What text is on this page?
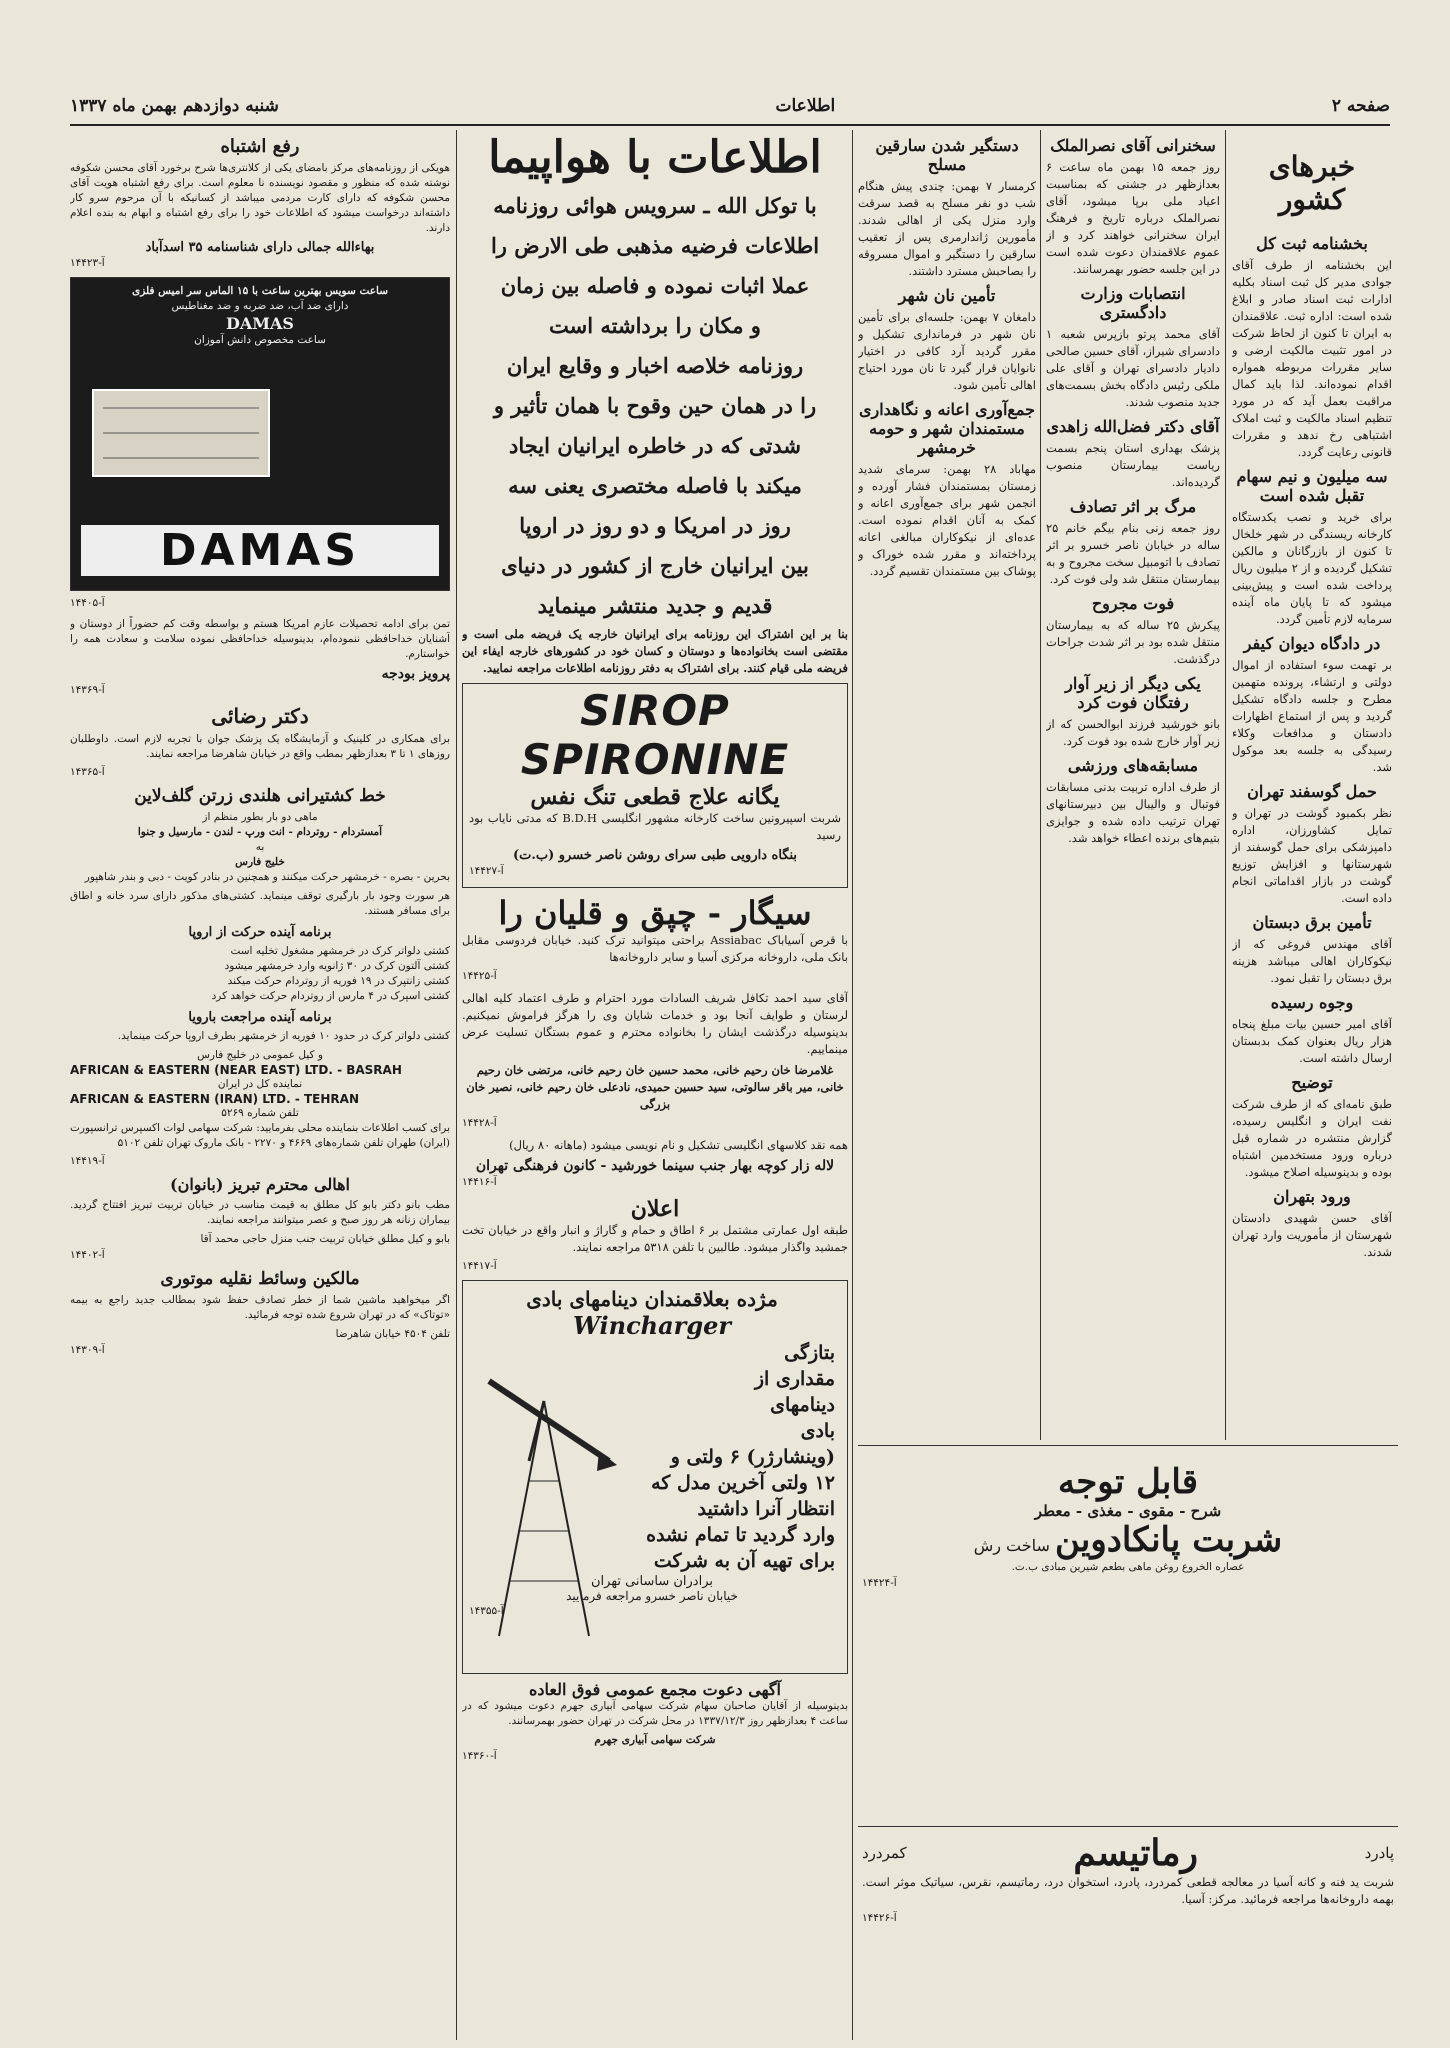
صفحه ۲
اطلاعات
شنبه دوازدهم بهمن ماه ۱۳۳۷
خبرهای کشور
بخشنامه ثبت کل

این بخشنامه از طرف آقای جوادی مدیر کل ثبت اسناد بکلیه ادارات ثبت اسناد صادر و ابلاغ شده است: اداره ثبت. علاقمندان به ایران تا کنون از لحاظ شرکت در امور تثبیت مالکیت ارضی و سایر مقررات مربوطه همواره اقدام نموده‌اند. لذا باید کمال مراقبت بعمل آید که در مورد تنظیم اسناد مالکیت و ثبت املاک اشتباهی رخ ندهد و مقررات قانونی رعایت گردد.

سه میلیون و نیم سهام تقبل شده است

برای خرید و نصب یکدستگاه کارخانه ریسندگی در شهر خلخال تا کنون از بازرگانان و مالکین تشکیل گردیده و از ۲ میلیون ریال پرداخت شده است و پیش‌بینی میشود که تا پایان ماه آینده سرمایه لازم تأمین گردد.

در دادگاه دیوان کیفر

بر تهمت سوء استفاده از اموال دولتی و ارتشاء، پرونده متهمین مطرح و جلسه دادگاه تشکیل گردید و پس از استماع اظهارات دادستان و مدافعات وکلاء رسیدگی به جلسه بعد موکول شد.

حمل گوسفند تهران

نظر بکمبود گوشت در تهران و تمایل کشاورزان، اداره دامپزشکی برای حمل گوسفند از شهرستانها و افزایش توزیع گوشت در بازار اقداماتی انجام داده است.

تأمین برق دبستان

آقای مهندس فروغی که از نیکوکاران اهالی میباشد هزینه برق دبستان را تقبل نمود.

وجوه رسیده

آقای امیر حسین بیات مبلغ پنجاه هزار ریال بعنوان کمک بدبستان ارسال داشته است.

توضیح

طبق نامه‌ای که از طرف شرکت نفت ایران و انگلیس رسیده، گزارش منتشره در شماره قبل درباره ورود مستخدمین اشتباه بوده و بدینوسیله اصلاح میشود.

ورود بتهران

آقای حسن شهیدی دادستان شهرستان از مأموریت وارد تهران شدند.

سخنرانی آقای نصرالملک

روز جمعه ۱۵ بهمن ماه ساعت ۶ بعدازظهر در جشنی که بمناسبت اعیاد ملی برپا میشود، آقای نصرالملک درباره تاریخ و فرهنگ ایران سخنرانی خواهند کرد و از عموم علاقمندان دعوت شده است در این جلسه حضور بهمرسانند.

انتصابات وزارت دادگستری

آقای محمد پرتو بازپرس شعبه ۱ دادسرای شیراز، آقای حسین صالحی دادیار دادسرای تهران و آقای علی ملکی رئیس دادگاه بخش بسمت‌های جدید منصوب شدند.

آقای دکتر فضل‌الله زاهدی

پزشک بهداری استان پنجم بسمت ریاست بیمارستان منصوب گردیده‌اند.

مرگ بر اثر تصادف

روز جمعه زنی بنام بیگم خانم ۲۵ ساله در خیابان ناصر خسرو بر اثر تصادف با اتومبیل سخت مجروح و به بیمارستان منتقل شد ولی فوت کرد.

فوت مجروح

پیکرش ۲۵ ساله که به بیمارستان منتقل شده بود بر اثر شدت جراحات درگذشت.

یکی دیگر از زیر آوار رفتگان فوت کرد

بانو خورشید فرزند ابوالحسن که از زیر آوار خارج شده بود فوت کرد.

مسابقه‌های ورزشی

از طرف اداره تربیت بدنی مسابقات فوتبال و والیبال بین دبیرستانهای تهران ترتیب داده شده و جوایزی بتیم‌های برنده اعطاء خواهد شد.

دستگیر شدن سارقین مسلح

کرمسار ۷ بهمن: چندی پیش هنگام شب دو نفر مسلح به قصد سرقت وارد منزل یکی از اهالی شدند. مأمورین ژاندارمری پس از تعقیب سارقین را دستگیر و اموال مسروقه را بصاحبش مسترد داشتند.

تأمین نان شهر

دامغان ۷ بهمن: جلسه‌ای برای تأمین نان شهر در فرمانداری تشکیل و مقرر گردید آرد کافی در اختیار نانوایان قرار گیرد تا نان مورد احتیاج اهالی تأمین شود.

جمع‌آوری اعانه و نگاهداری مستمندان شهر و حومه خرمشهر

مهاباد ۲۸ بهمن: سرمای شدید زمستان بمستمندان فشار آورده و انجمن شهر برای جمع‌آوری اعانه و کمک به آنان اقدام نموده است. عده‌ای از نیکوکاران مبالغی اعانه پرداخته‌اند و مقرر شده خوراک و پوشاک بین مستمندان تقسیم گردد.

قابل توجه
شرح - مقوی - مغذی - معطر
شربت پانکادوین ساخت رش
عصاره الخروع روغن ماهی بطعم شیرین مبادی ب.ت.
آ-۱۴۴۲۴
پادرد
رماتیسم
کمردرد

شربت ید فنه و کانه آسیا در معالجه قطعی کمردرد، پادرد، استخوان درد، رماتیسم، نقرس، سیاتیک موثر است. بهمه داروخانه‌ها مراجعه فرمائید. مرکز: آسیا.

آ-۱۴۴۲۶
اطلاعات با هواپیما
با توکل الله ـ سرویس هوائی روزنامه
اطلاعات فرضیه مذهبی طی الارض را
عملا اثبات نموده و فاصله بین زمان
و مکان را برداشته است
روزنامه خلاصه اخبار و وقایع ایران
را در همان حین وقوح با همان تأثیر و
شدتی که در خاطره ایرانیان ایجاد
میکند با فاصله مختصری یعنی سه
روز در امریکا و دو روز در اروپا
بین ایرانیان خارج از کشور در دنیای
قدیم و جدید منتشر مینماید

بنا بر این اشتراک این روزنامه برای ایرانیان خارجه یک فریضه ملی است و مقتضی است بخانواده‌ها و دوستان و کسان خود در کشورهای خارجه ایفاء این فریضه ملی قیام کنند. برای اشتراک به دفتر روزنامه اطلاعات مراجعه نمایید.

SIROP SPIRONINE
یگانه علاج قطعی تنگ نفس

شربت اسپیرونین ساخت کارخانه مشهور انگلیسی B.D.H که مدتی نایاب بود رسید

بنگاه دارویی طبی سرای روشن ناصر خسرو (ب.ت)
آ-۱۴۴۲۷
سیگار - چپق و قلیان را

با قرص آسیاباک Assiabac براحتی میتوانید ترک کنید. خیابان فردوسی مقابل بانک ملی، داروخانه مرکزی آسیا و سایر داروخانه‌ها

آ-۱۴۴۲۵

آقای سید احمد تکافل شریف السادات مورد احترام و طرف اعتماد کلیه اهالی لرستان و طوایف آنجا بود و خدمات شایان وی را هرگز فراموش نمیکنیم. بدینوسیله درگذشت ایشان را بخانواده محترم و عموم بستگان تسلیت عرض مینماییم.

غلامرضا خان رحیم خانی، محمد حسین خان رحیم خانی، مرتضی خان رحیم خانی، میر باقر سالوتی، سید حسین حمیدی، نادعلی خان رحیم خانی، نصیر خان بزرگی

آ-۱۴۴۲۸

همه نقد کلاسهای انگلیسی تشکیل و نام نویسی میشود (ماهانه ۸۰ ریال)

لاله زار کوچه بهار جنب سینما خورشید - کانون فرهنگی تهران
آ-۱۴۴۱۶
اعلان

طبقه اول عمارتی مشتمل بر ۶ اطاق و حمام و گاراژ و انبار واقع در خیابان تخت جمشید واگذار میشود. طالبین با تلفن ۵۳۱۸ مراجعه نمایند.

آ-۱۴۴۱۷
مژده بعلاقمندان دینامهای بادی
Wincharger
بتازگی
مقداری از
دینامهای
بادی
(وینشارژر) ۶ ولتی و
۱۲ ولتی آخرین مدل که
انتظار آنرا داشتید
وارد گردید تا تمام نشده
برای تهیه آن به شرکت
برادران ساسانی تهران
خیابان ناصر خسرو مراجعه فرمایید
آ-۱۴۳۵۵
آگهی دعوت مجمع عمومی فوق العاده

بدینوسیله از آقایان صاحبان سهام شرکت سهامی آبیاری جهرم دعوت میشود که در ساعت ۴ بعدازظهر روز ۱۳۳۷/۱۲/۳ در محل شرکت در تهران حضور بهمرسانند.

شرکت سهامی آبیاری جهرم
آ-۱۴۳۶۰
رفع اشتباه

هویکی از روزنامه‌های مرکز بامضای یکی از کلانتری‌ها شرح برخورد آقای محسن شکوفه نوشته شده که منظور و مقصود نویسنده نا معلوم است. برای رفع اشتباه هویت آقای محسن شکوفه که دارای کارت مردمی میباشد از کسانیکه با آن مرحوم سرو کار داشته‌اند درخواست میشود که اطلاعات خود را برای رفع اشتباه و ابهام به بنده اعلام دارند.

بهاءالله جمالی دارای شناسنامه ۳۵ اسدآباد
آ-۱۴۴۲۳
ساعت سویس بهترین ساعت با ۱۵ الماس سر امیس فلزی
دارای ضد آب، ضد ضربه و ضد مغناطیس
DAMAS
ساعت مخصوص دانش آموزان
DAMAS
آ-۱۴۴۰۵

تمن برای ادامه تحصیلات عازم امریکا هستم و بواسطه وقت کم حضوراً از دوستان و آشنایان خداحافظی ننموده‌ام، بدینوسیله خداحافظی نموده سلامت و سعادت همه را خواستارم.

پرویز بودجه
آ-۱۴۳۶۹
دکتر رضائی

برای همکاری در کلینیک و آزمایشگاه یک پزشک جوان با تجربه لازم است. داوطلبان روزهای ۱ تا ۳ بعدازظهر بمطب واقع در خیابان شاهرضا مراجعه نمایند.

آ-۱۴۳۶۵
خط کشتیرانی هلندی زرتن گلف‌لاین
ماهی دو بار بطور منظم از
آمستردام - روتردام - انت ورپ - لندن - مارسیل و جنوا
به
خلیج فارس

بحرین - بصره - خرمشهر حرکت میکنند و همچنین در بنادر کویت - دبی و بندر شاهپور

هر سورت وجود بار بارگیری توقف مینماید. کشتی‌های مذکور دارای سرد خانه و اطاق برای مسافر هستند.

برنامه آینده حرکت از اروپا
کشتی دلواتر کرک در خرمشهر مشغول تخلیه است
کشتی آلتون کرک در ۳۰ ژانویه وارد خرمشهر میشود
کشتی زانتپرک در ۱۹ فوریه از روتردام حرکت میکند
کشتی اسپرک در ۴ مارس از روتردام حرکت خواهد کرد
برنامه آینده مراجعت بارویا

کشتی دلواتر کرک در حدود ۱۰ فوریه از خرمشهر بطرف اروپا حرکت مینماید.

و کیل عمومی در خلیج فارس
AFRICAN & EASTERN (NEAR EAST) LTD. - BASRAH
نماینده کل در ایران
AFRICAN & EASTERN (IRAN) LTD. - TEHRAN
تلفن شماره ۵۲۶۹

برای کسب اطلاعات بنماینده محلی بفرمایید: شرکت سهامی لوات اکسپرس ترانسپورت (ایران) طهران تلفن شماره‌های ۴۶۶۹ و ۲۲۷۰ - بانک ماروک تهران تلفن ۵۱۰۲

آ-۱۴۴۱۹
اهالی محترم تبریز (بانوان)

مطب بانو دکتر بابو کل مطلق به قیمت مناسب در خیابان تربیت تبریز افتتاح گردید. بیماران زنانه هر روز صبح و عصر میتوانند مراجعه نمایند.

بابو و کیل مطلق خیابان تربیت جنب منزل حاجی محمد آقا
آ-۱۴۴۰۲
مالکین وسائط نقلیه موتوری

اگر میخواهید ماشین شما از خطر تصادف حفظ شود بمطالب جدید راجع به بیمه «توتاک» که در تهران شروع شده توجه فرمائید.

تلفن ۴۵۰۴ خیابان شاهرضا
آ-۱۴۳۰۹
